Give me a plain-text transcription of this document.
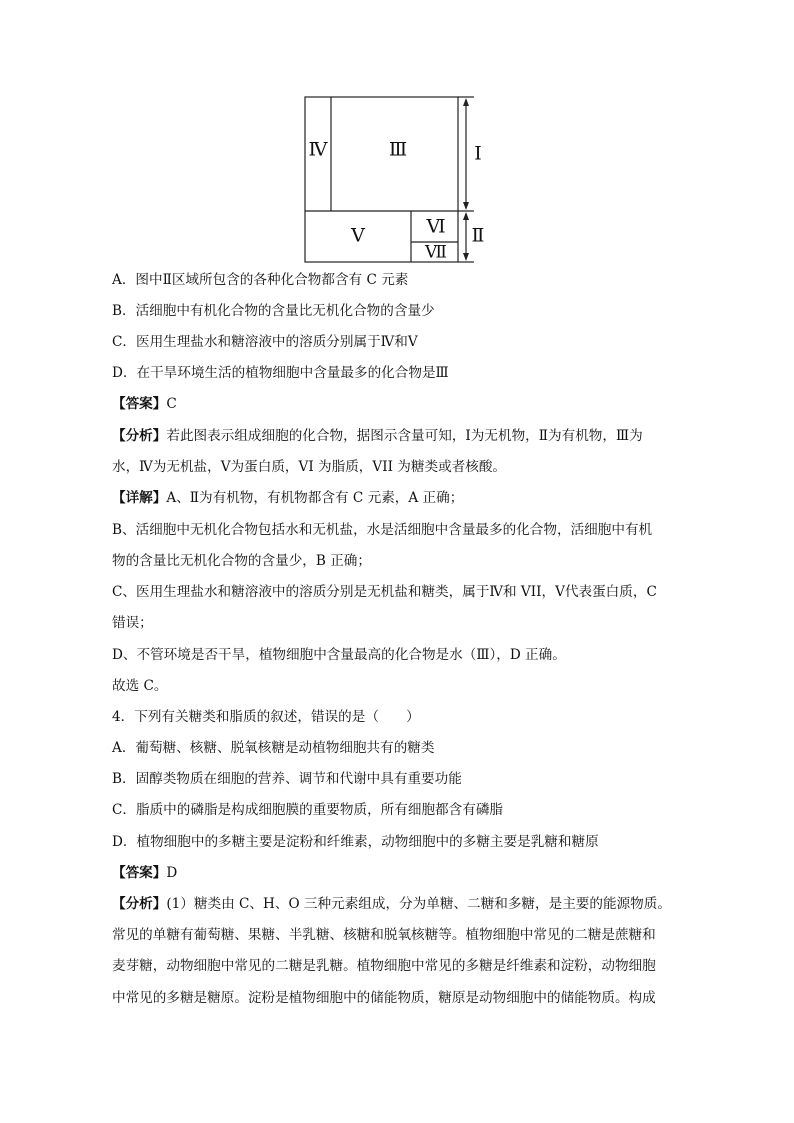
Ⅳ	Ⅲ	Ⅰ
Ⅴ	Ⅵ
Ⅶ
Ⅱ
A．图中Ⅱ区域所包含的各种化合物都含有 C 元素
B．活细胞中有机化合物的含量比无机化合物的含量少
C．医用生理盐水和糖溶液中的溶质分别属于Ⅳ和Ⅴ
D．在干旱环境生活的植物细胞中含量最多的化合物是Ⅲ
【答案】C
【分析】若此图表示组成细胞的化合物，据图示含量可知，Ⅰ为无机物，Ⅱ为有机物，Ⅲ为
水，Ⅳ为无机盐，Ⅴ为蛋白质，VI 为脂质，VII 为糖类或者核酸。
【详解】A、Ⅱ为有机物，有机物都含有 C 元素，A 正确；
B、活细胞中无机化合物包括水和无机盐，水是活细胞中含量最多的化合物，活细胞中有机
物的含量比无机化合物的含量少，B 正确；
C、医用生理盐水和糖溶液中的溶质分别是无机盐和糖类，属于Ⅳ和 VII，Ⅴ代表蛋白质，C
错误；
D、不管环境是否干旱，植物细胞中含量最高的化合物是水（Ⅲ），D 正确。
故选 C。
4．下列有关糖类和脂质的叙述，错误的是（　　）
A．葡萄糖、核糖、脱氧核糖是动植物细胞共有的糖类
B．固醇类物质在细胞的营养、调节和代谢中具有重要功能
C．脂质中的磷脂是构成细胞膜的重要物质，所有细胞都含有磷脂
D．植物细胞中的多糖主要是淀粉和纤维素，动物细胞中的多糖主要是乳糖和糖原
【答案】D
【分析】(1）糖类由 C、H、O 三种元素组成，分为单糖、二糖和多糖，是主要的能源物质。
常见的单糖有葡萄糖、果糖、半乳糖、核糖和脱氧核糖等。植物细胞中常见的二糖是蔗糖和
麦芽糖，动物细胞中常见的二糖是乳糖。植物细胞中常见的多糖是纤维素和淀粉，动物细胞
中常见的多糖是糖原。淀粉是植物细胞中的储能物质，糖原是动物细胞中的储能物质。构成
